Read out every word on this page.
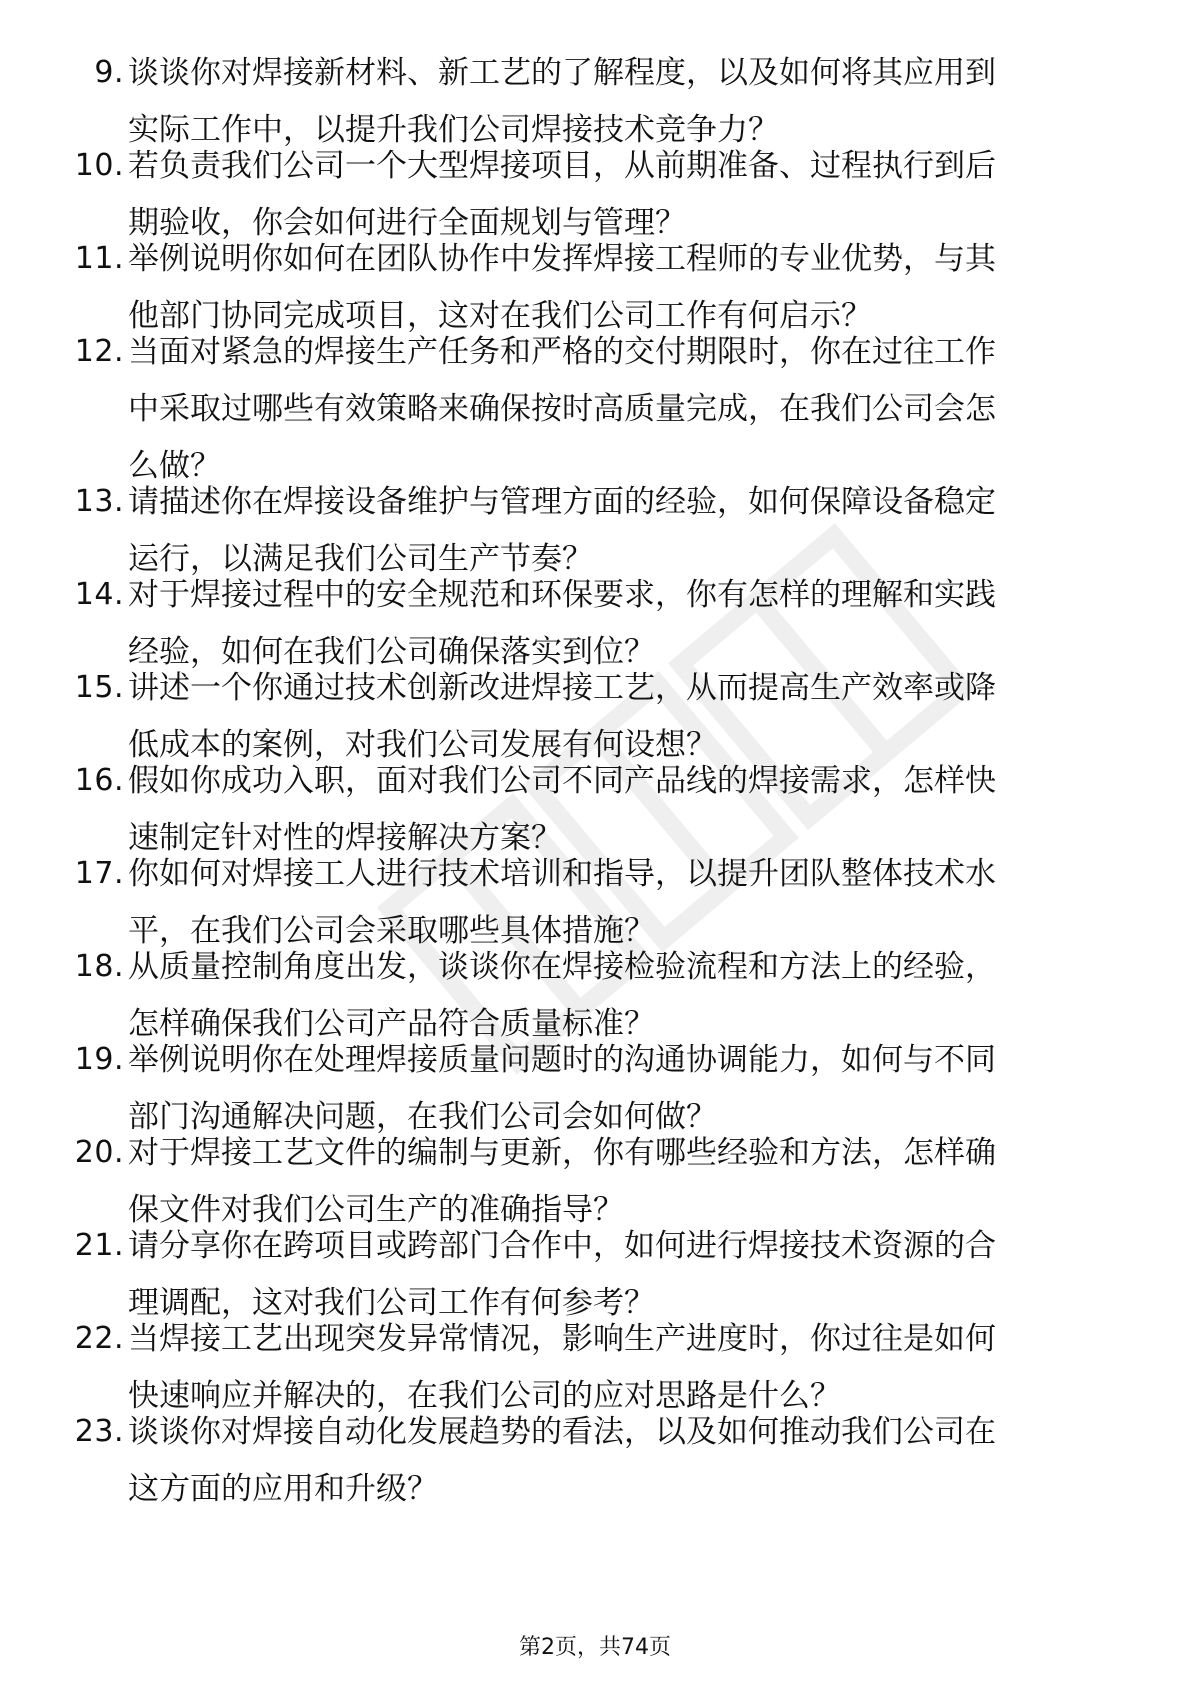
9. 谈谈你对焊接新材料、新工艺的了解程度，以及如何将其应用到
实际工作中，以提升我们公司焊接技术竞争力？
10. 若负责我们公司一个大型焊接项目，从前期准备、过程执行到后
期验收，你会如何进行全面规划与管理？
11. 举例说明你如何在团队协作中发挥焊接工程师的专业优势，与其
他部门协同完成项目，这对在我们公司工作有何启示？
12. 当面对紧急的焊接生产任务和严格的交付期限时，你在过往工作
中采取过哪些有效策略来确保按时高质量完成，在我们公司会怎
么做？
13. 请描述你在焊接设备维护与管理方面的经验，如何保障设备稳定
运行，以满足我们公司生产节奏？
14. 对于焊接过程中的安全规范和环保要求，你有怎样的理解和实践
经验，如何在我们公司确保落实到位？
15. 讲述一个你通过技术创新改进焊接工艺，从而提高生产效率或降
低成本的案例，对我们公司发展有何设想？
16. 假如你成功入职，面对我们公司不同产品线的焊接需求，怎样快
速制定针对性的焊接解决方案？
17. 你如何对焊接工人进行技术培训和指导，以提升团队整体技术水
平，在我们公司会采取哪些具体措施？
18. 从质量控制角度出发，谈谈你在焊接检验流程和方法上的经验，
怎样确保我们公司产品符合质量标准？
19. 举例说明你在处理焊接质量问题时的沟通协调能力，如何与不同
部门沟通解决问题，在我们公司会如何做？
20. 对于焊接工艺文件的编制与更新，你有哪些经验和方法，怎样确
保文件对我们公司生产的准确指导？
21. 请分享你在跨项目或跨部门合作中，如何进行焊接技术资源的合
理调配，这对我们公司工作有何参考？
22. 当焊接工艺出现突发异常情况，影响生产进度时，你过往是如何
快速响应并解决的，在我们公司的应对思路是什么？
23. 谈谈你对焊接自动化发展趋势的看法，以及如何推动我们公司在
这方面的应用和升级？
第2页，共74页
